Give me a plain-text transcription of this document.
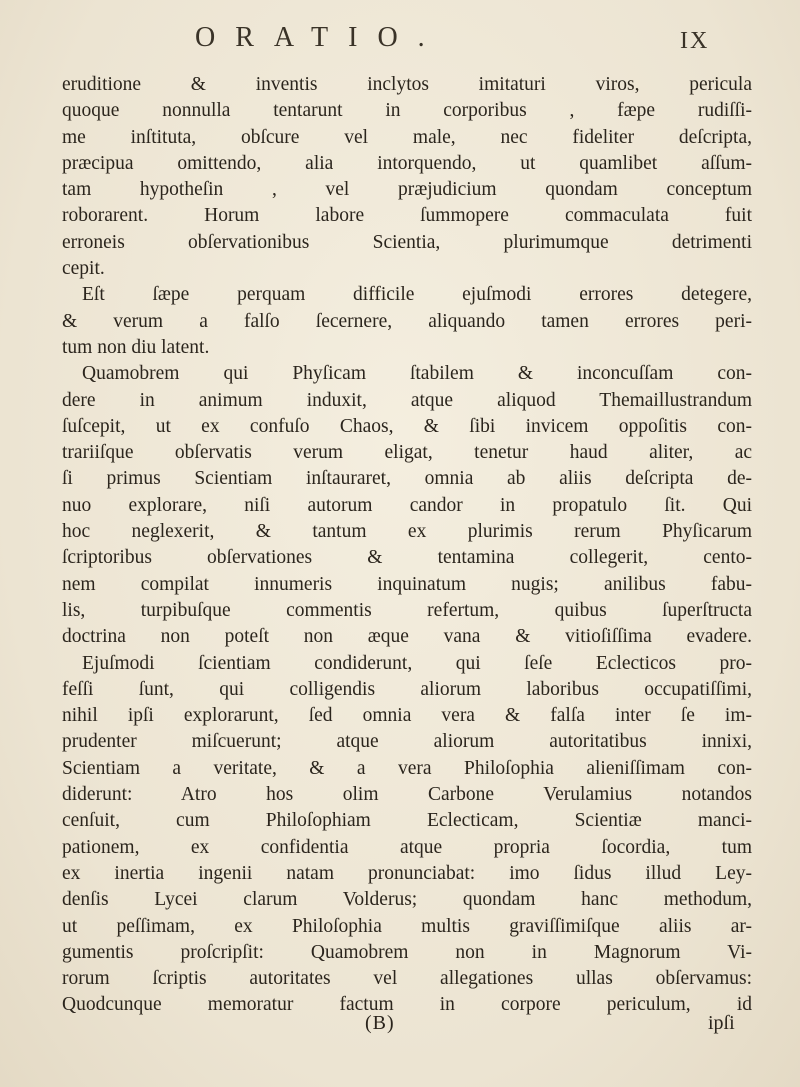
ORATIO.	IX
eruditione & inventis inclytos imitaturi viros, pericula
quoque nonnulla tentarunt in corporibus , fæpe rudiſſi-
me inſtituta, obſcure vel male, nec fideliter deſcripta,
præcipua omittendo, alia intorquendo, ut quamlibet aſſum-
tam hypotheſin , vel præjudicium quondam conceptum
roborarent. Horum labore ſummopere commaculata fuit
erroneis obſervationibus Scientia, plurimumque detrimenti
cepit.
Eſt ſæpe perquam difficile ejuſmodi errores detegere,
& verum a falſo ſecernere, aliquando tamen errores peri-
tum non diu latent.
Quamobrem qui Phyſicam ſtabilem & inconcuſſam con-
dere in animum induxit, atque aliquod Themaillustrandum
ſuſcepit, ut ex confuſo Chaos, & ſibi invicem oppoſitis con-
trariiſque obſervatis verum eligat, tenetur haud aliter, ac
ſi primus Scientiam inſtauraret, omnia ab aliis deſcripta de-
nuo explorare, niſi autorum candor in propatulo ſit. Qui
hoc neglexerit, & tantum ex plurimis rerum Phyſicarum
ſcriptoribus obſervationes & tentamina collegerit, cento-
nem compilat innumeris inquinatum nugis; anilibus fabu-
lis, turpibuſque commentis refertum, quibus ſuperſtructa
doctrina non poteſt non æque vana & vitioſiſſima evadere.
Ejuſmodi ſcientiam condiderunt, qui ſeſe Eclecticos pro-
feſſi ſunt, qui colligendis aliorum laboribus occupatiſſimi,
nihil ipſi explorarunt, ſed omnia vera & falſa inter ſe im-
prudenter miſcuerunt; atque aliorum autoritatibus innixi,
Scientiam a veritate, & a vera Philoſophia alieniſſimam con-
diderunt: Atro hos olim Carbone Verulamius notandos
cenſuit, cum Philoſophiam Eclecticam, Scientiæ manci-
pationem, ex confidentia atque propria ſocordia, tum
ex inertia ingenii natam pronunciabat: imo ſidus illud Ley-
denſis Lycei clarum Volderus; quondam hanc methodum,
ut peſſimam, ex Philoſophia multis graviſſimiſque aliis ar-
gumentis proſcripſit: Quamobrem non in Magnorum Vi-
rorum ſcriptis autoritates vel allegationes ullas obſervamus:
Quodcunque memoratur factum in corpore periculum, id
(B)	ipſi
